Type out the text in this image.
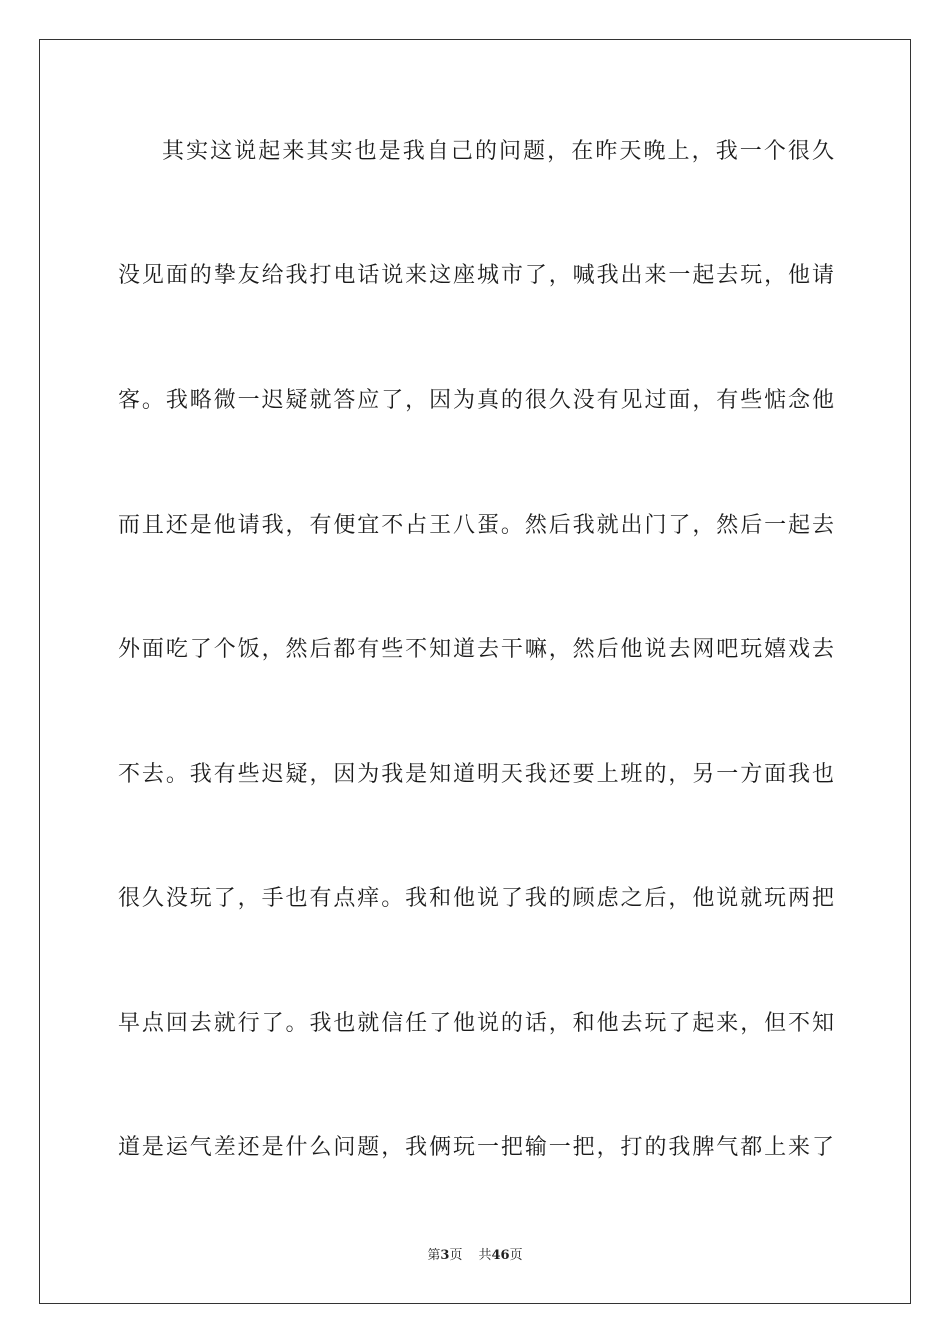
其实这说起来其实也是我自己的问题，在昨天晚上，我一个很久
没见面的挚友给我打电话说来这座城市了，喊我出来一起去玩，他请
客。我略微一迟疑就答应了，因为真的很久没有见过面，有些惦念他
而且还是他请我，有便宜不占王八蛋。然后我就出门了，然后一起去
外面吃了个饭，然后都有些不知道去干嘛，然后他说去网吧玩嬉戏去
不去。我有些迟疑，因为我是知道明天我还要上班的，另一方面我也
很久没玩了，手也有点痒。我和他说了我的顾虑之后，他说就玩两把
早点回去就行了。我也就信任了他说的话，和他去玩了起来，但不知
道是运气差还是什么问题，我俩玩一把输一把，打的我脾气都上来了
第3页 共46页
